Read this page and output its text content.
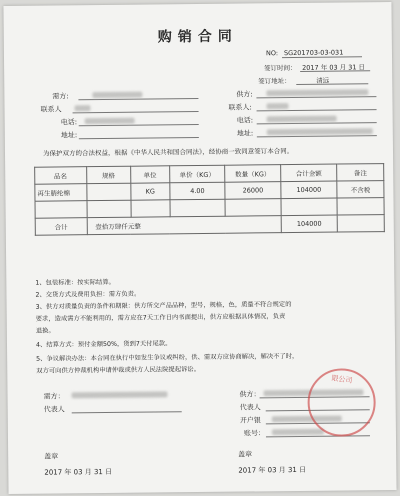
购销合同
NO: SG201703-03-031
签订时间： 2017 年 03 月 31 日
签订地址：	清远
需方:
联系人
电话:
地址:
供方:
联系人:
电话:
地址:
为保护双方的合法权益，根据《中华人民共和国合同法》，经协商一致同意签订本合同。
品名	规格	单位	单价（KG）	数量（KG）	合计金额	备注
再生腈纶棉		KG	4.00	26000	104000	不含税

合计	壹拾万肆仟元整				104000	
1、包装标准：按实际结算。
2、交货方式及费用负担：需方负责。
3、供方对质量负责的条件和期限：供方所交产品品种，型号，规格，色，质量不符合规定的
要求，造成需方不能利用的，需方应在7天工作日内书面提出，供方应根据具体情况，负责
退换。
4、结算方式：预付金额50%，货到7天付尾款。
5、争议解决办法：本合同在执行中如发生争议或纠纷，供、需双方应协商解决，解决不了时，
双方可向供方仲裁机构申请仲裁或供方人民法院提起诉讼。
需方：
代表人
供方：
代表人
开户银
账号：
盖章
2017 年 03 月 31 日
盖章
2017 年 03 月 31 日
限公司
